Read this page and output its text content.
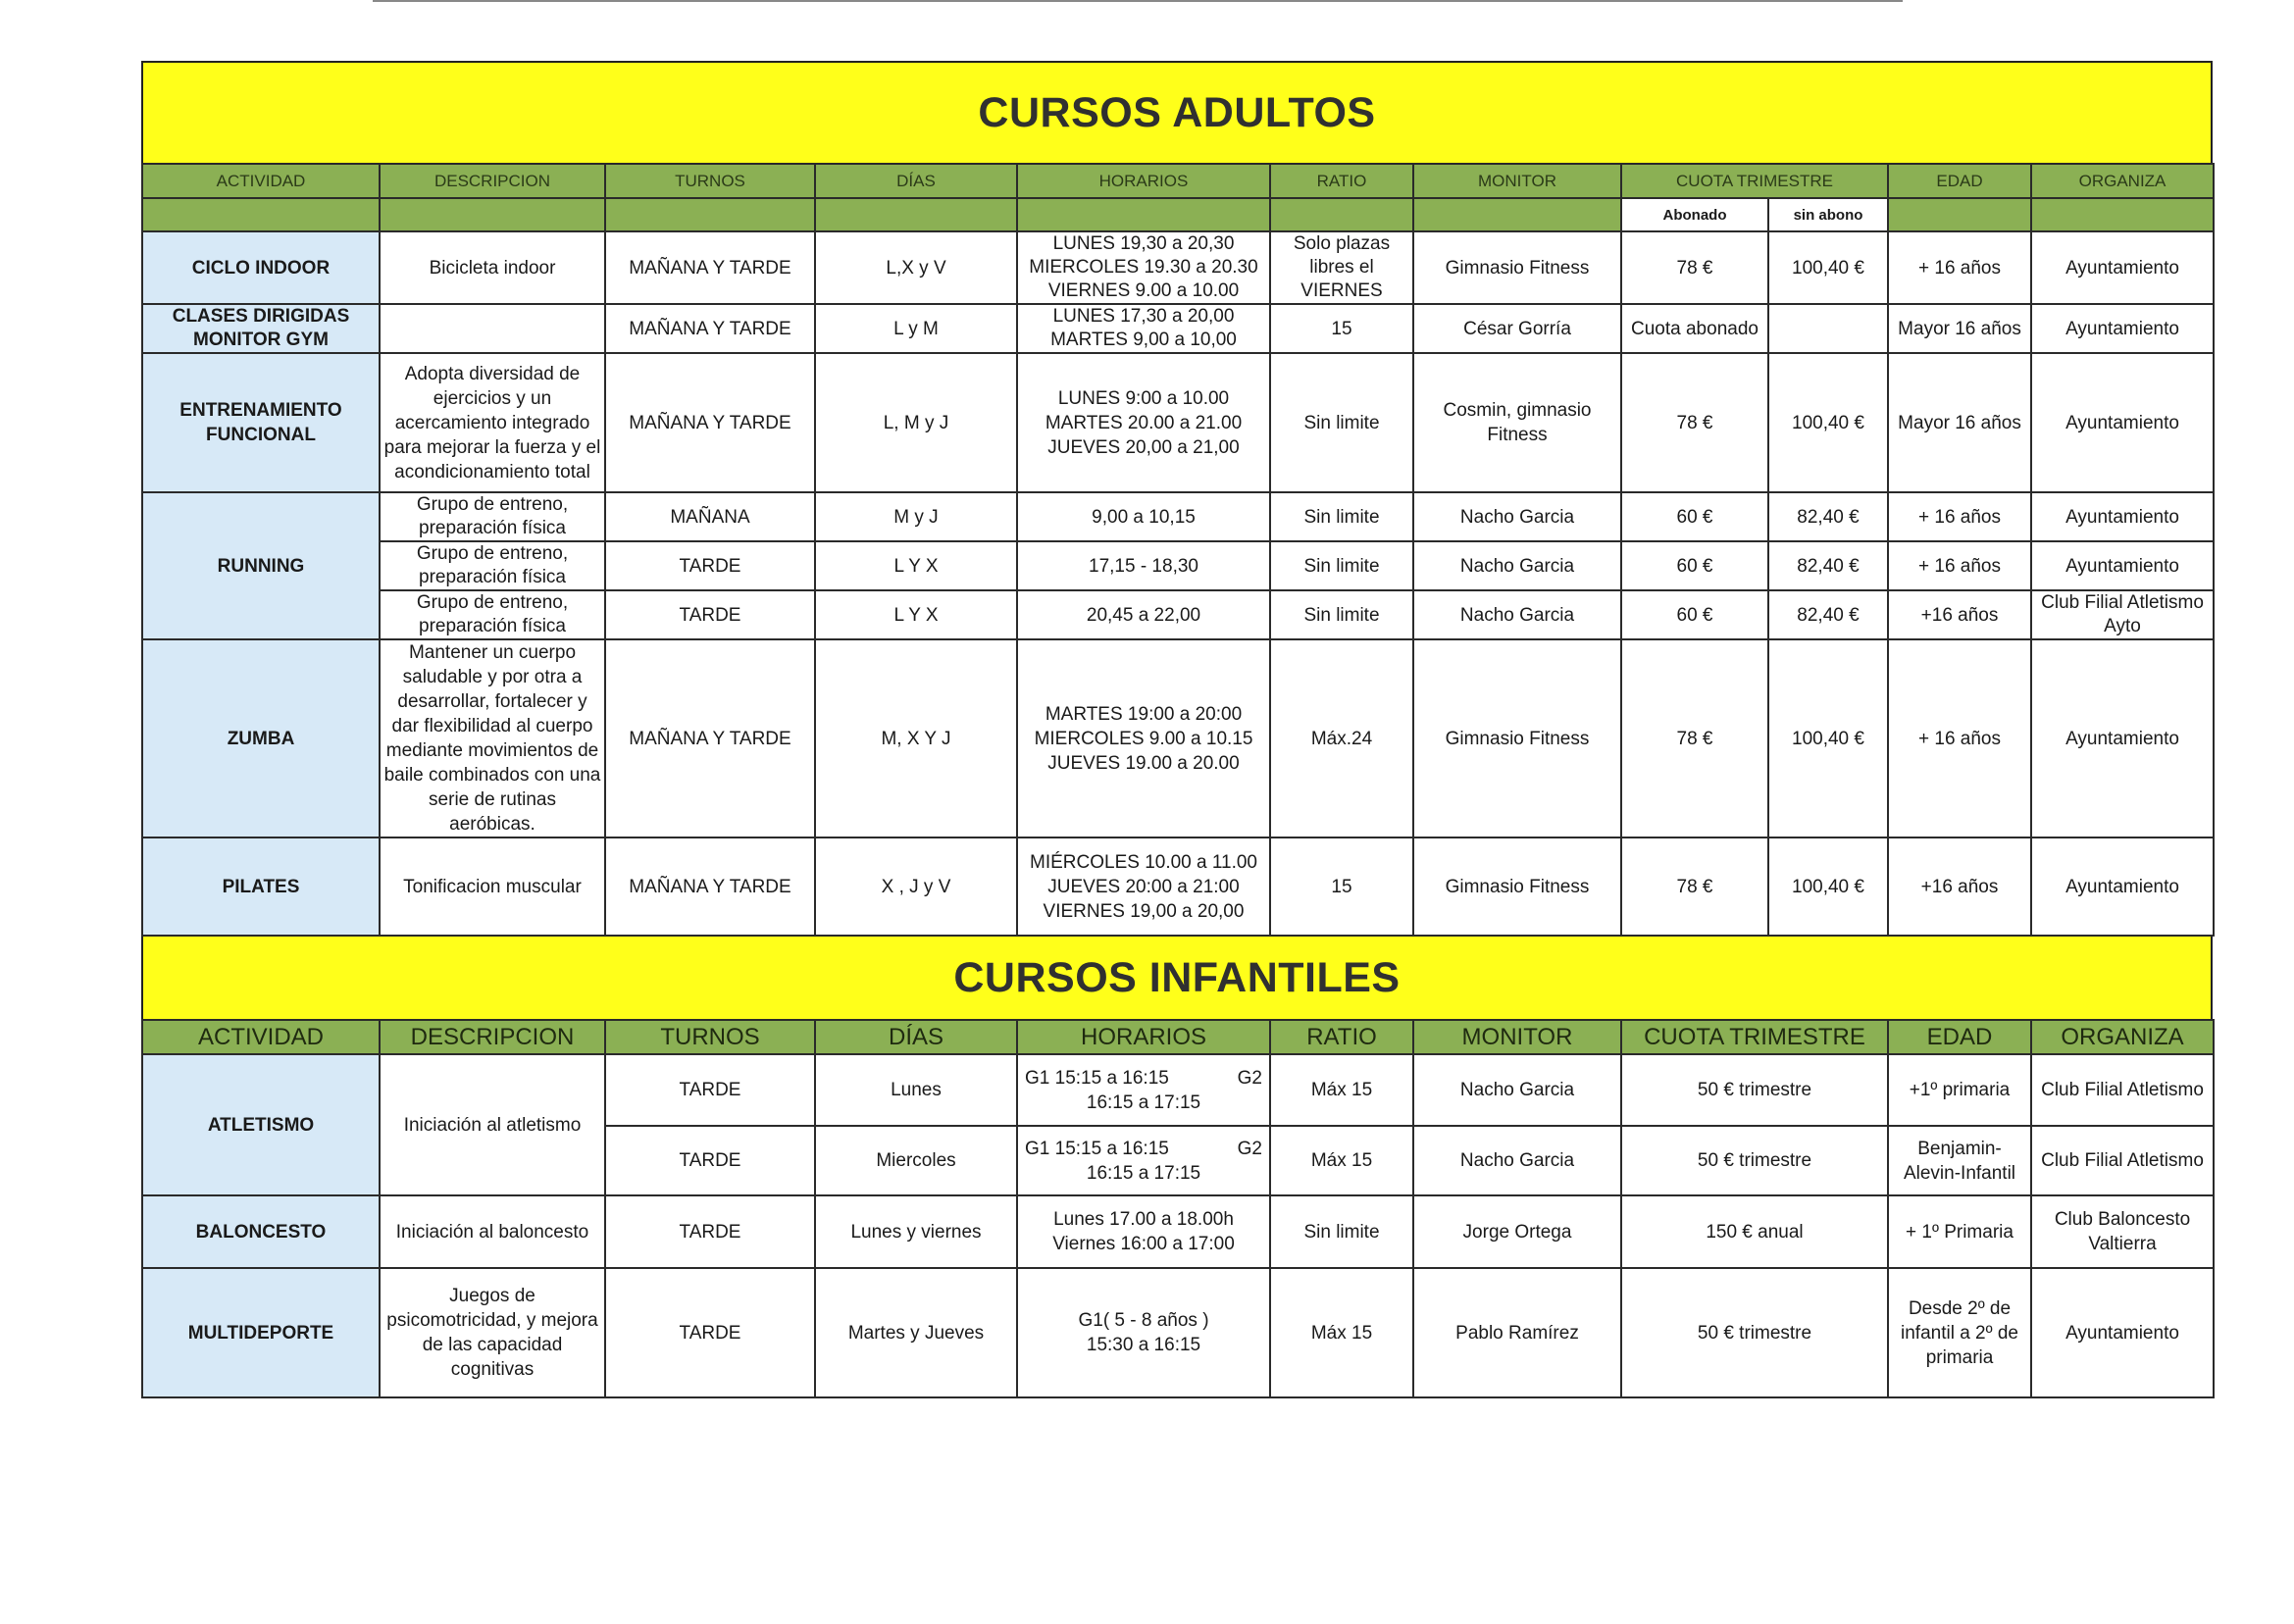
CURSOS ADULTOS
ACTIVIDAD	DESCRIPCION	TURNOS	DÍAS	HORARIOS	RATIO	MONITOR	CUOTA TRIMESTRE		EDAD	ORGANIZA
							Abonado	sin abono		
CICLO INDOOR	Bicicleta indoor	MAÑANA Y TARDE	L,X y V	LUNES 19,30 a 20,30
MIERCOLES 19.30 a 20.30
VIERNES 9.00 a 10.00	Solo plazas libres el VIERNES	Gimnasio Fitness	78 €	100,40 €	+ 16 años	Ayuntamiento
CLASES DIRIGIDAS MONITOR GYM		MAÑANA Y TARDE	L y M	LUNES 17,30 a 20,00
MARTES 9,00 a 10,00	15	César Gorría	Cuota abonado		Mayor 16 años	Ayuntamiento
ENTRENAMIENTO FUNCIONAL	Adopta diversidad de ejercicios y un acercamiento integrado para mejorar la fuerza y el acondicionamiento total	MAÑANA Y TARDE	L, M y J	LUNES 9:00 a 10.00
MARTES 20.00 a 21.00
JUEVES 20,00 a 21,00	Sin limite	Cosmin, gimnasio Fitness	78 €	100,40 €	Mayor 16 años	Ayuntamiento
RUNNING	Grupo de entreno, preparación física	MAÑANA	M y J	9,00 a 10,15	Sin limite	Nacho Garcia	60 €	82,40 €	+ 16 años	Ayuntamiento
	Grupo de entreno, preparación física	TARDE	L Y X	17,15 - 18,30	Sin limite	Nacho Garcia	60 €	82,40 €	+ 16 años	Ayuntamiento
	Grupo de entreno, preparación física	TARDE	L Y X	20,45 a 22,00	Sin limite	Nacho Garcia	60 €	82,40 €	+16 años	Club Filial Atletismo Ayto
ZUMBA	Mantener un cuerpo saludable y por otra a desarrollar, fortalecer y dar flexibilidad al cuerpo mediante movimientos de baile combinados con una serie de rutinas aeróbicas.	MAÑANA Y TARDE	M, X Y J	MARTES 19:00 a 20:00
MIERCOLES 9.00 a 10.15
JUEVES 19.00 a 20.00	Máx.24	Gimnasio Fitness	78 €	100,40 €	+ 16 años	Ayuntamiento
PILATES	Tonificacion muscular	MAÑANA Y TARDE	X , J y V	MIÉRCOLES 10.00 a 11.00
JUEVES 20:00 a 21:00
VIERNES 19,00 a 20,00	15	Gimnasio Fitness	78 €	100,40 €	+16 años	Ayuntamiento
CURSOS INFANTILES
ACTIVIDAD	DESCRIPCION	TURNOS	DÍAS	HORARIOS	RATIO	MONITOR	CUOTA TRIMESTRE	EDAD	ORGANIZA
ATLETISMO	Iniciación al atletismo	TARDE	Lunes	G1 15:15 a 16:15 G2
16:15 a 17:15	Máx 15	Nacho Garcia	50 € trimestre	+1º primaria	Club Filial Atletismo
		TARDE	Miercoles	G1 15:15 a 16:15 G2
16:15 a 17:15	Máx 15	Nacho Garcia	50 € trimestre	Benjamin-Alevin-Infantil	Club Filial Atletismo
BALONCESTO	Iniciación al baloncesto	TARDE	Lunes y viernes	Lunes 17.00 a 18.00h
Viernes 16:00 a 17:00	Sin limite	Jorge Ortega	150 € anual	+ 1º Primaria	Club Baloncesto Valtierra
MULTIDEPORTE	Juegos de psicomotricidad, y mejora de las capacidad cognitivas	TARDE	Martes y Jueves	G1( 5 - 8 años )
15:30 a 16:15	Máx 15	Pablo Ramírez	50 € trimestre	Desde 2º de infantil a 2º de primaria	Ayuntamiento
